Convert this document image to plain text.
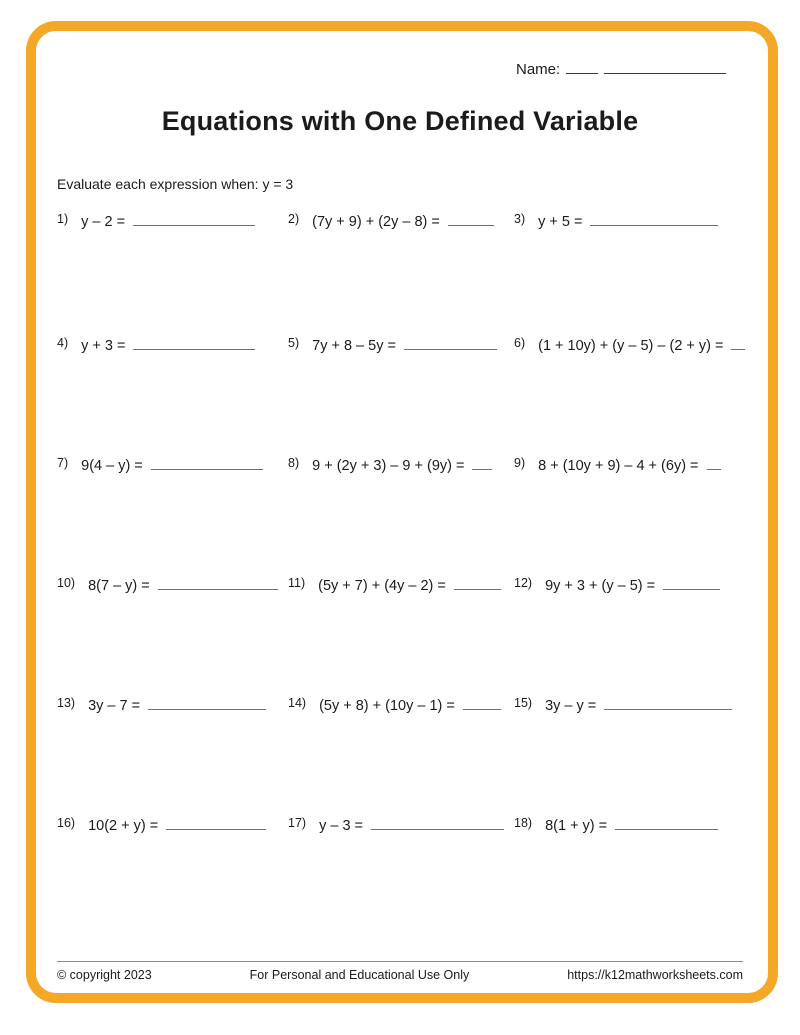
Name:
Equations with One Defined Variable
Evaluate each expression when: y = 3
1) y – 2 =	2) (7y + 9) + (2y – 8) =	3) y + 5 =
4) y + 3 =	5) 7y + 8 – 5y =	6) (1 + 10y) + (y – 5) – (2 + y) =
7) 9(4 – y) =	8) 9 + (2y + 3) – 9 + (9y) =	9) 8 + (10y + 9) – 4 + (6y) =
10) 8(7 – y) =	11) (5y + 7) + (4y – 2) =	12) 9y + 3 + (y – 5) =
13) 3y – 7 =	14) (5y + 8) + (10y – 1) =	15) 3y – y =
16) 10(2 + y) =	17) y – 3 =	18) 8(1 + y) =
© copyright 2023	For Personal and Educational Use Only	https://k12mathworksheets.com
